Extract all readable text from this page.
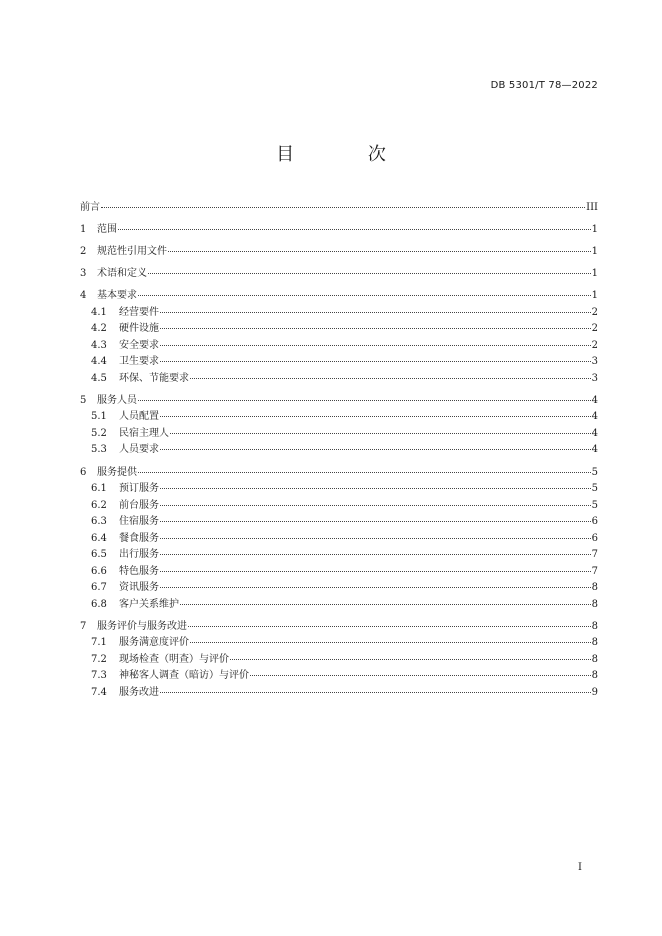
DB 5301/T 78—2022
目 次
前言	III
1	范围	1
2	规范性引用文件	1
3	术语和定义	1
4	基本要求	1
4.1	经营要件	2
4.2	硬件设施	2
4.3	安全要求	2
4.4	卫生要求	3
4.5	环保、节能要求	3
5	服务人员	4
5.1	人员配置	4
5.2	民宿主理人	4
5.3	人员要求	4
6	服务提供	5
6.1	预订服务	5
6.2	前台服务	5
6.3	住宿服务	6
6.4	餐食服务	6
6.5	出行服务	7
6.6	特色服务	7
6.7	资讯服务	8
6.8	客户关系维护	8
7	服务评价与服务改进	8
7.1	服务满意度评价	8
7.2	现场检查（明查）与评价	8
7.3	神秘客人调查（暗访）与评价	8
7.4	服务改进	9
I
